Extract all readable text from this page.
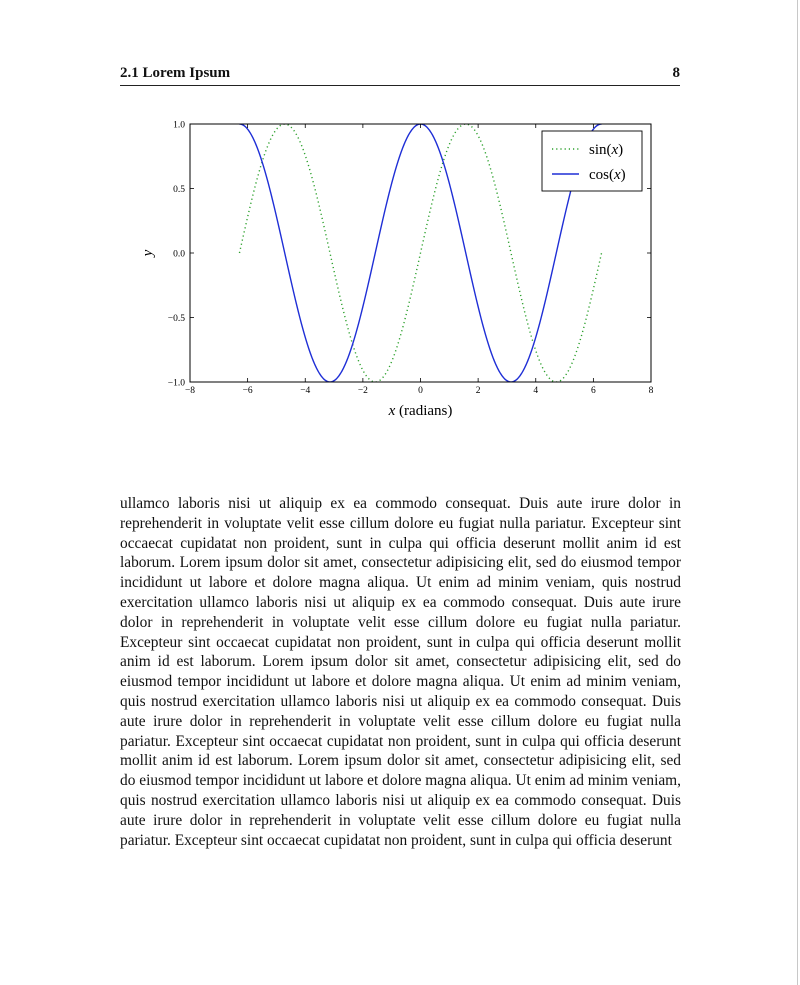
2.1 Lorem Ipsum	8
−8	−6	−4	−2	0	2	4	6	8
−1.0
−0.5
0.0
0.5
1.0
x (radians)
y
sin(x)
cos(x)

ullamco laboris nisi ut aliquip ex ea commodo consequat. Duis aute irure dolor in reprehenderit in voluptate velit esse cillum dolore eu fugiat nulla pariatur. Excepteur sint occaecat cupidatat non proident, sunt in culpa qui officia deserunt mollit anim id est laborum. Lorem ipsum dolor sit amet, consectetur adipisicing elit, sed do eiusmod tempor incididunt ut labore et dolore magna aliqua. Ut enim ad minim veniam, quis nostrud exercitation ullamco laboris nisi ut aliquip ex ea commodo consequat. Duis aute irure dolor in reprehenderit in voluptate velit esse cillum dolore eu fugiat nulla pariatur. Excepteur sint occaecat cupidatat non proident, sunt in culpa qui officia deserunt mollit anim id est laborum. Lorem ipsum dolor sit amet, consectetur adipisicing elit, sed do eiusmod tempor incididunt ut labore et dolore magna aliqua. Ut enim ad minim veniam, quis nostrud exercitation ullamco laboris nisi ut aliquip ex ea commodo consequat. Duis aute irure dolor in reprehenderit in voluptate velit esse cillum dolore eu fugiat nulla pariatur. Excepteur sint occaecat cupidatat non proident, sunt in culpa qui officia deserunt mollit anim id est laborum. Lorem ipsum dolor sit amet, consectetur adipisicing elit, sed do eiusmod tempor incididunt ut labore et dolore magna aliqua. Ut enim ad minim veniam, quis nostrud exercitation ullamco laboris nisi ut aliquip ex ea commodo consequat. Duis aute irure dolor in reprehenderit in voluptate velit esse cillum dolore eu fugiat nulla pariatur. Excepteur sint occaecat cupidatat non proident, sunt in culpa qui officia deserunt
